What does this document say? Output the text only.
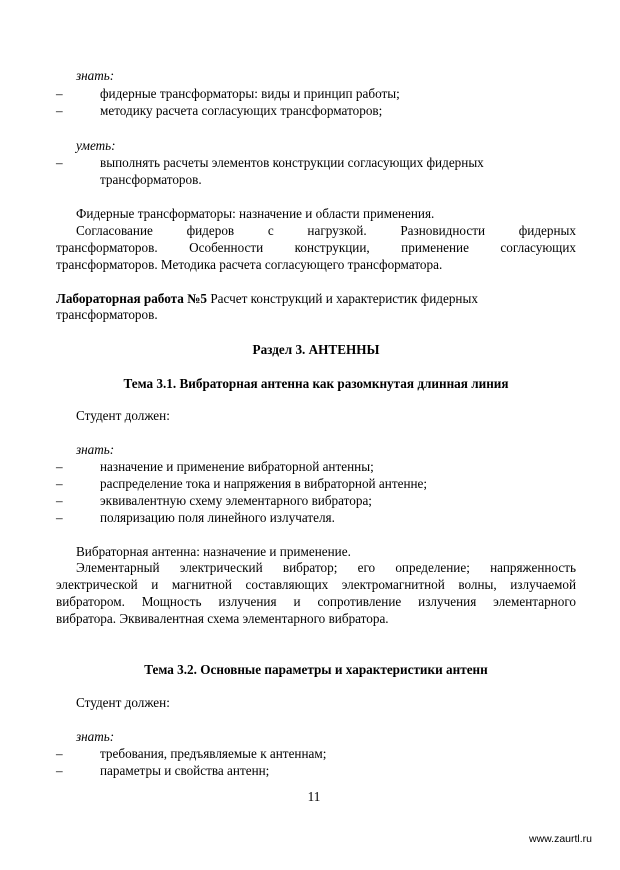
знать:
–	фидерные трансформаторы: виды и принцип работы;
–	методику расчета согласующих трансформаторов;
уметь:
–	выполнять расчеты элементов конструкции согласующих фидерных
трансформаторов.
Фидерные трансформаторы: назначение и области применения.
Согласование фидеров с нагрузкой. Разновидности фидерных
трансформаторов. Особенности конструкции, применение согласующих
трансформаторов. Методика расчета согласующего трансформатора.
Лабораторная работа №5 Расчет конструкций и характеристик фидерных
трансформаторов.
Раздел 3. АНТЕННЫ
Тема 3.1. Вибраторная антенна как разомкнутая длинная линия
Студент должен:
знать:
–	назначение и применение вибраторной антенны;
–	распределение тока и напряжения в вибраторной антенне;
–	эквивалентную схему элементарного вибратора;
–	поляризацию поля линейного излучателя.
Вибраторная антенна: назначение и применение.
Элементарный электрический вибратор; его определение; напряженность
электрической и магнитной составляющих электромагнитной волны, излучаемой
вибратором. Мощность излучения и сопротивление излучения элементарного
вибратора. Эквивалентная схема элементарного вибратора.
Тема 3.2. Основные параметры и характеристики антенн
Студент должен:
знать:
–	требования, предъявляемые к антеннам;
–	параметры и свойства антенн;
11
www.zaurtl.ru
